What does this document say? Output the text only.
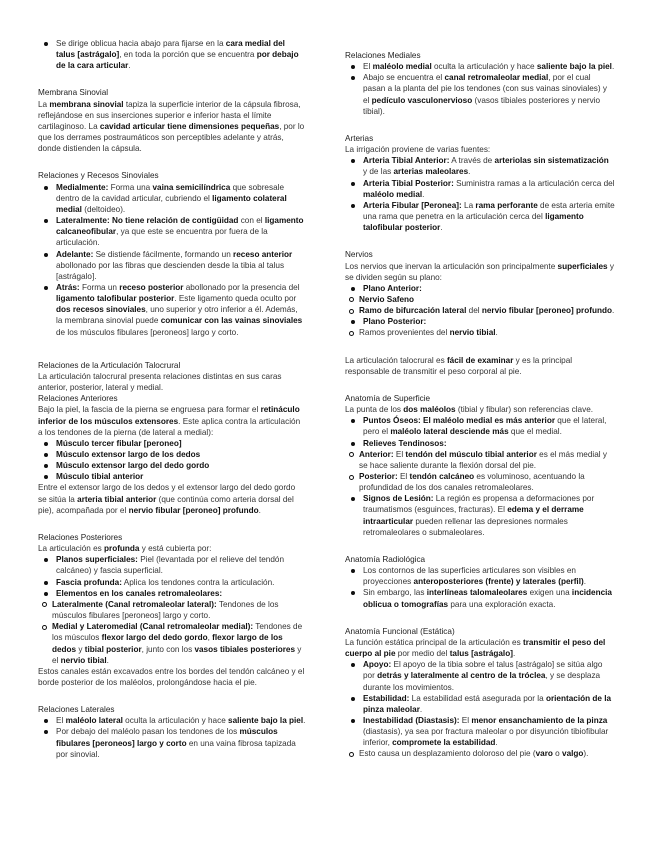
Se dirige oblicua hacia abajo para fijarse en la cara medial del talus [astrágalo], en toda la porción que se encuentra por debajo de la cara articular.
Membrana Sinovial

La membrana sinovial tapiza la superficie interior de la cápsula fibrosa, reflejándose en sus inserciones superior e inferior hasta el límite cartilaginoso. La cavidad articular tiene dimensiones pequeñas, por lo que los derrames postraumáticos son perceptibles adelante y atrás, donde distienden la cápsula.

Relaciones y Recesos Sinoviales
Medialmente: Forma una vaina semicilíndrica que sobresale dentro de la cavidad articular, cubriendo el ligamento colateral medial (deltoideo).
Lateralmente: No tiene relación de contigüidad con el ligamento calcaneofibular, ya que este se encuentra por fuera de la articulación.
Adelante: Se distiende fácilmente, formando un receso anterior abollonado por las fibras que descienden desde la tibia al talus [astrágalo].
Atrás: Forma un receso posterior abollonado por la presencia del ligamento talofibular posterior. Este ligamento queda oculto por dos recesos sinoviales, uno superior y otro inferior a él. Además, la membrana sinovial puede comunicar con las vainas sinoviales de los músculos fibulares [peroneos] largo y corto.
Relaciones de la Articulación Talocrural

La articulación talocrural presenta relaciones distintas en sus caras anterior, posterior, lateral y medial.

Relaciones Anteriores

Bajo la piel, la fascia de la pierna se engruesa para formar el retináculo inferior de los músculos extensores. Este aplica contra la articulación a los tendones de la pierna (de lateral a medial):

Músculo tercer fibular [peroneo]
Músculo extensor largo de los dedos
Músculo extensor largo del dedo gordo
Músculo tibial anterior

Entre el extensor largo de los dedos y el extensor largo del dedo gordo se sitúa la arteria tibial anterior (que continúa como arteria dorsal del pie), acompañada por el nervio fibular [peroneo] profundo.

Relaciones Posteriores

La articulación es profunda y está cubierta por:

Planos superficiales: Piel (levantada por el relieve del tendón calcáneo) y fascia superficial.
Fascia profunda: Aplica los tendones contra la articulación.
Elementos en los canales retromaleolares:
Lateralmente (Canal retromaleolar lateral): Tendones de los músculos fibulares [peroneos] largo y corto.
Medial y Lateromedial (Canal retromaleolar medial): Tendones de los músculos flexor largo del dedo gordo, flexor largo de los dedos y tibial posterior, junto con los vasos tibiales posteriores y el nervio tibial.

Estos canales están excavados entre los bordes del tendón calcáneo y el borde posterior de los maléolos, prolongándose hacia el pie.

Relaciones Laterales
El maléolo lateral oculta la articulación y hace saliente bajo la piel.
Por debajo del maléolo pasan los tendones de los músculos fibulares [peroneos] largo y corto en una vaina fibrosa tapizada por sinovial.
Relaciones Mediales
El maléolo medial oculta la articulación y hace saliente bajo la piel.
Abajo se encuentra el canal retromaleolar medial, por el cual pasan a la planta del pie los tendones (con sus vainas sinoviales) y el pedículo vasculonervioso (vasos tibiales posteriores y nervio tibial).
Arterias

La irrigación proviene de varias fuentes:

Arteria Tibial Anterior: A través de arteriolas sin sistematización y de las arterias maleolares.
Arteria Tibial Posterior: Suministra ramas a la articulación cerca del maléolo medial.
Arteria Fibular [Peronea]: La rama perforante de esta arteria emite una rama que penetra en la articulación cerca del ligamento talofibular posterior.
Nervios

Los nervios que inervan la articulación son principalmente superficiales y se dividen según su plano:

Plano Anterior:
Nervio Safeno
Ramo de bifurcación lateral del nervio fibular [peroneo] profundo.
Plano Posterior:
Ramos provenientes del nervio tibial.

La articulación talocrural es fácil de examinar y es la principal responsable de transmitir el peso corporal al pie.

Anatomía de Superficie

La punta de los dos maléolos (tibial y fibular) son referencias clave.

Puntos Óseos: El maléolo medial es más anterior que el lateral, pero el maléolo lateral desciende más que el medial.
Relieves Tendinosos:
Anterior: El tendón del músculo tibial anterior es el más medial y se hace saliente durante la flexión dorsal del pie.
Posterior: El tendón calcáneo es voluminoso, acentuando la profundidad de los dos canales retromaleolares.
Signos de Lesión: La región es propensa a deformaciones por traumatismos (esguinces, fracturas). El edema y el derrame intraarticular pueden rellenar las depresiones normales retromaleolares o submaleolares.
Anatomía Radiológica
Los contornos de las superficies articulares son visibles en proyecciones anteroposteriores (frente) y laterales (perfil).
Sin embargo, las interlíneas talomaleolares exigen una incidencia oblicua o tomografías para una exploración exacta.
Anatomía Funcional (Estática)

La función estática principal de la articulación es transmitir el peso del cuerpo al pie por medio del talus [astrágalo].

Apoyo: El apoyo de la tibia sobre el talus [astrágalo] se sitúa algo por detrás y lateralmente al centro de la tróclea, y se desplaza durante los movimientos.
Estabilidad: La estabilidad está asegurada por la orientación de la pinza maleolar.
Inestabilidad (Diastasis): El menor ensanchamiento de la pinza (diastasis), ya sea por fractura maleolar o por disyunción tibiofibular inferior, compromete la estabilidad.
Esto causa un desplazamiento doloroso del pie (varo o valgo).
